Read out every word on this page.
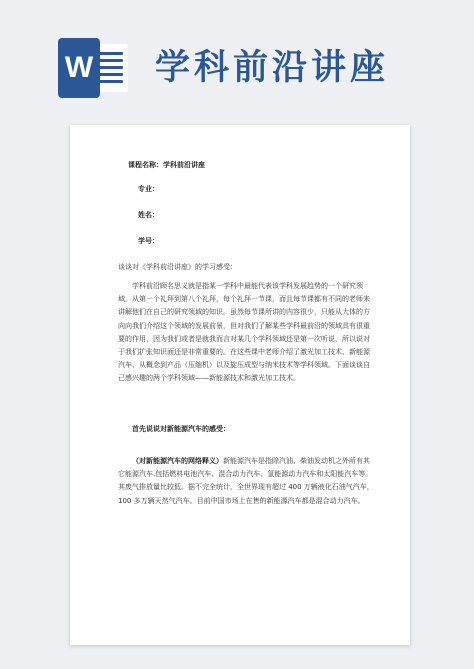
W 学科前沿讲座
课程名称：学科前沿讲座
专业：
姓名：
学号：
谈谈对《学科前沿讲座》的学习感受：
学科前沿顾名思义就是指某一学科中最能代表该学科发展趋势的一个研究领域。从第一个礼拜到第八个礼拜，每个礼拜一节课，而且每节课都有不同的老师来讲解他们在自己的研究领域的知识。虽然每节课所讲的内容很少，只能从大体的方向向我们介绍这个领域的发展前景，但对我们了解某些学科最前沿的领域具有很重要的作用，因为我们或者是就我而言对某几个学科领域还是第一次听说，所以说对于我们扩张知识面还是非常重要的。在这些课中老师介绍了激光加工技术、新能源汽车、从概念到产品（压缩机）以及旋压成型与纳米技术等学科领域。下面谈谈自己感兴趣的两个学科领域——新能源技术和激光加工技术。
首先说说对新能源汽车的感受：
（对新能源汽车的网络释义）新能源汽车是指除汽油、柴油发动机之外所有其它能源汽车.包括燃料电池汽车、混合动力汽车、氢能源动力汽车和太阳能汽车等。其废气排放量比较低。据不完全统计，全世界现有超过 400 万辆液化石油气汽车，100 多万辆天然气汽车。目前中国市场上在售的新能源汽车都是混合动力汽车。
